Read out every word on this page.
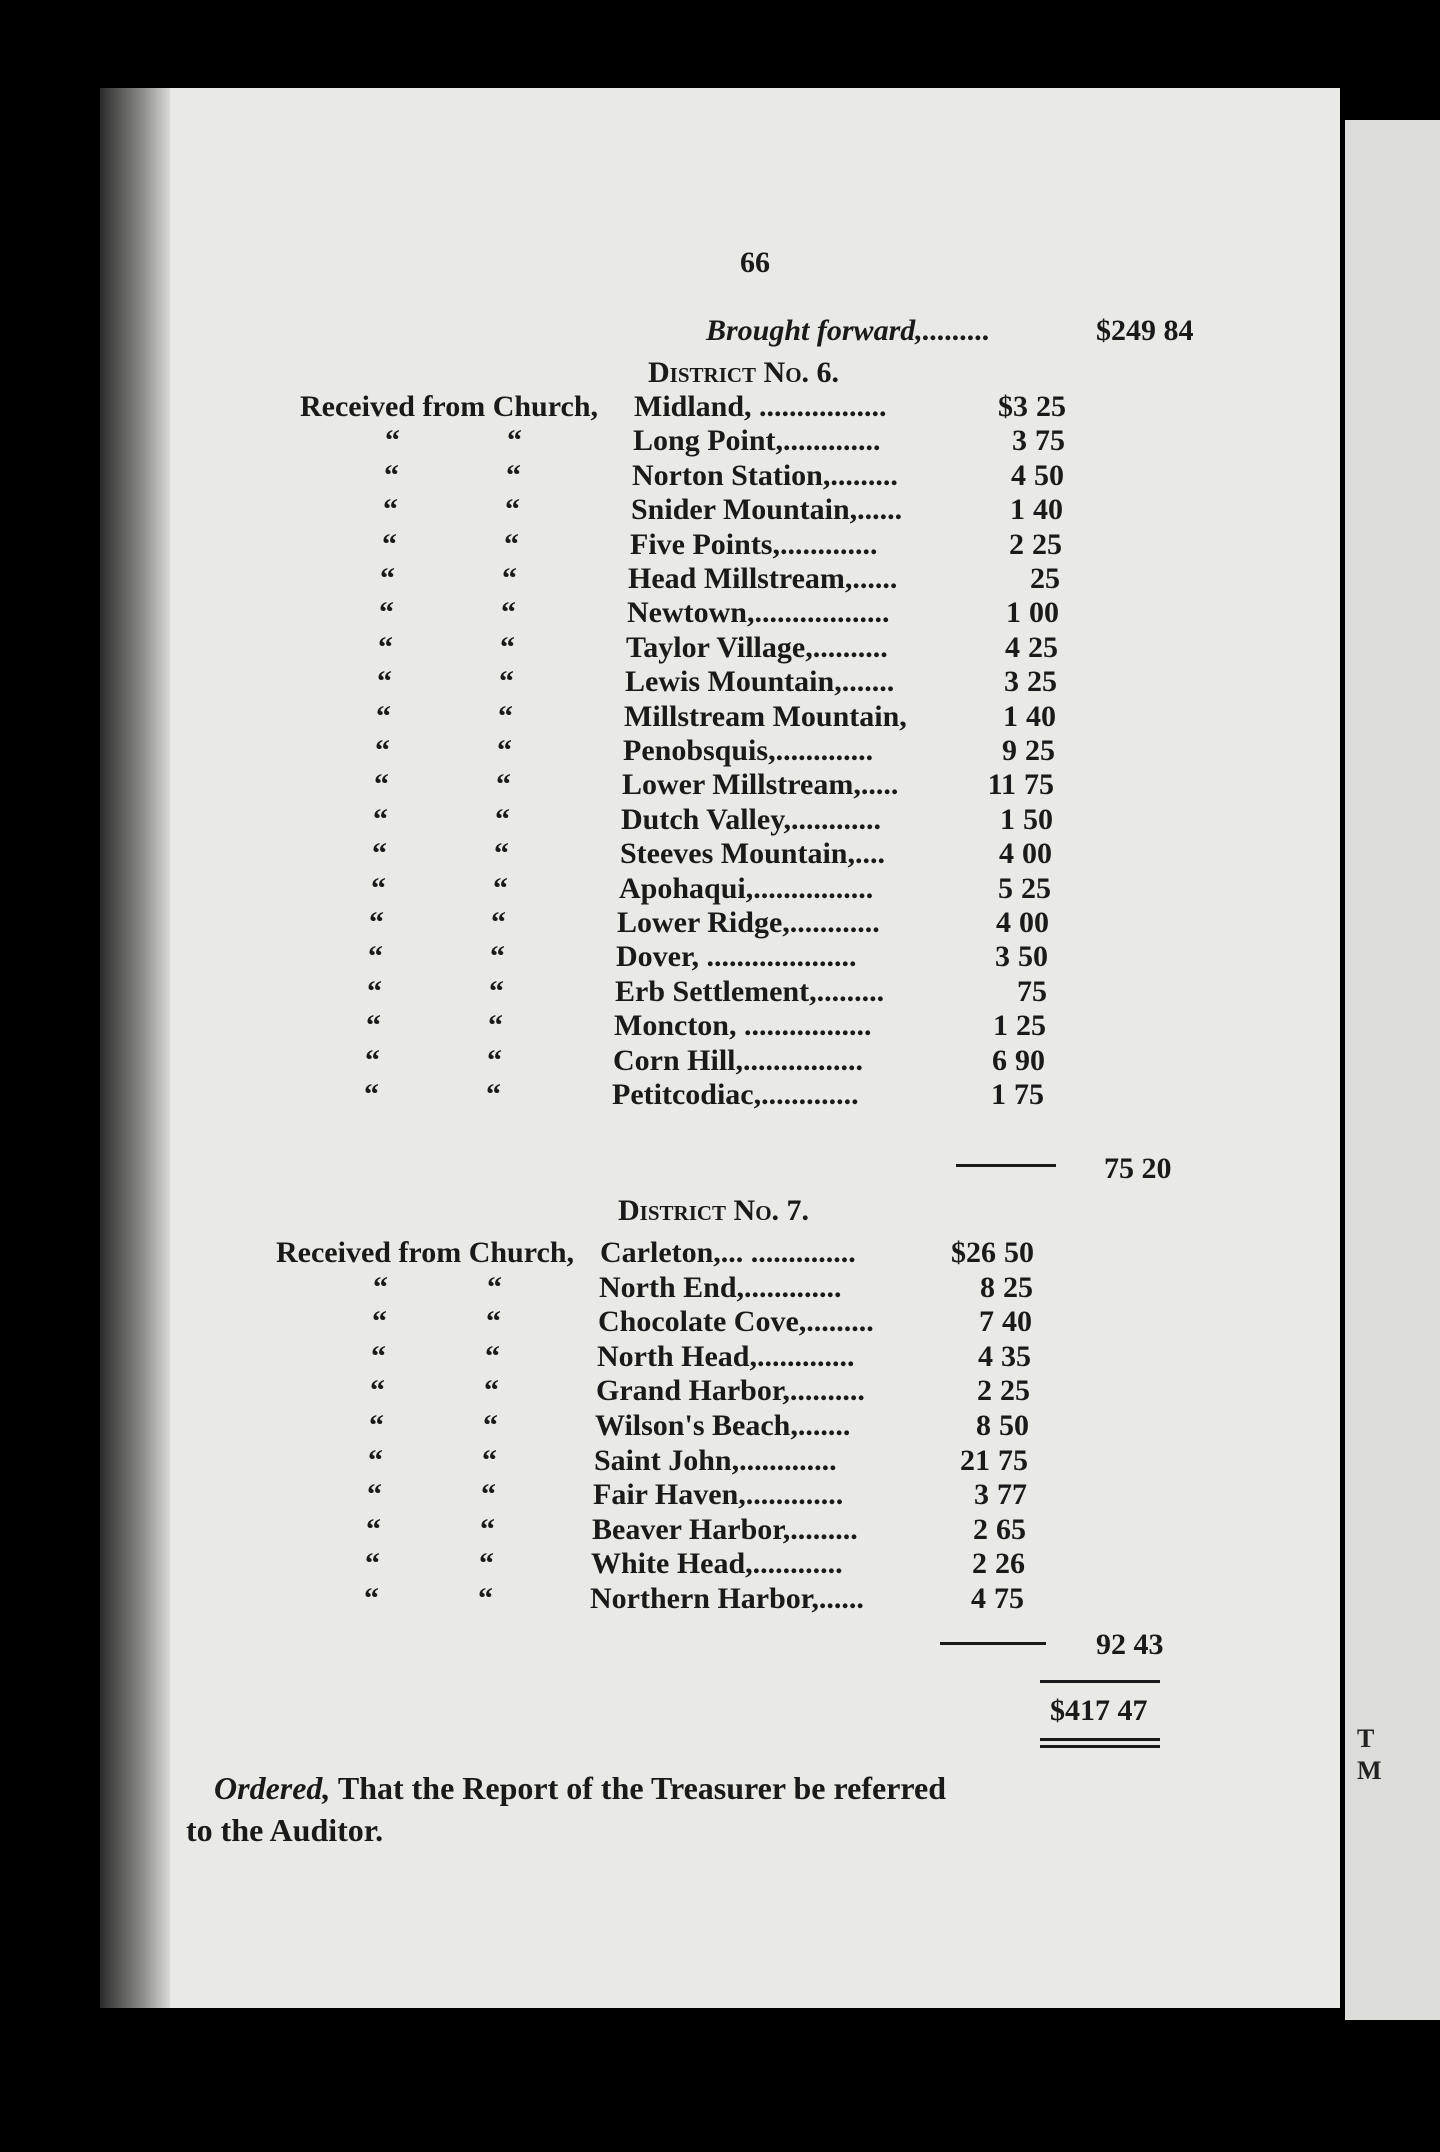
66
Brought forward,.........	$249 84
District No. 6.
Received from Church, Midland, .................	$3 25
“	“	Long Point,.............	3 75
“	“	Norton Station,.........	4 50
“	“	Snider Mountain,......	1 40
“	“	Five Points,.............	2 25
“	“	Head Millstream,......	25
“	“	Newtown,..................	1 00
“	“	Taylor Village,..........	4 25
“	“	Lewis Mountain,.......	3 25
“	“	Millstream Mountain,	1 40
“	“	Penobsquis,.............	9 25
“	“	Lower Millstream,.....	11 75
“	“	Dutch Valley,............	1 50
“	“	Steeves Mountain,....	4 00
“	“	Apohaqui,................	5 25
“	“	Lower Ridge,............	4 00
“	“	Dover, ....................	3 50
“	“	Erb Settlement,.........	75
“	“	Moncton, .................	1 25
“	“	Corn Hill,................	6 90
“	“	Petitcodiac,.............	1 75
75 20
District No. 7.
Received from Church, Carleton,... ..............	$26 50
“	“	North End,.............	8 25
“	“	Chocolate Cove,.........	7 40
“	“	North Head,.............	4 35
“	“	Grand Harbor,..........	2 25
“	“	Wilson's Beach,.......	8 50
“	“	Saint John,.............	21 75
“	“	Fair Haven,.............	3 77
“	“	Beaver Harbor,.........	2 65
“	“	White Head,............	2 26
“	“	Northern Harbor,......	4 75
92 43
$417 47
Ordered, That the Report of the Treasurer be referred
to the Auditor.
T
M
